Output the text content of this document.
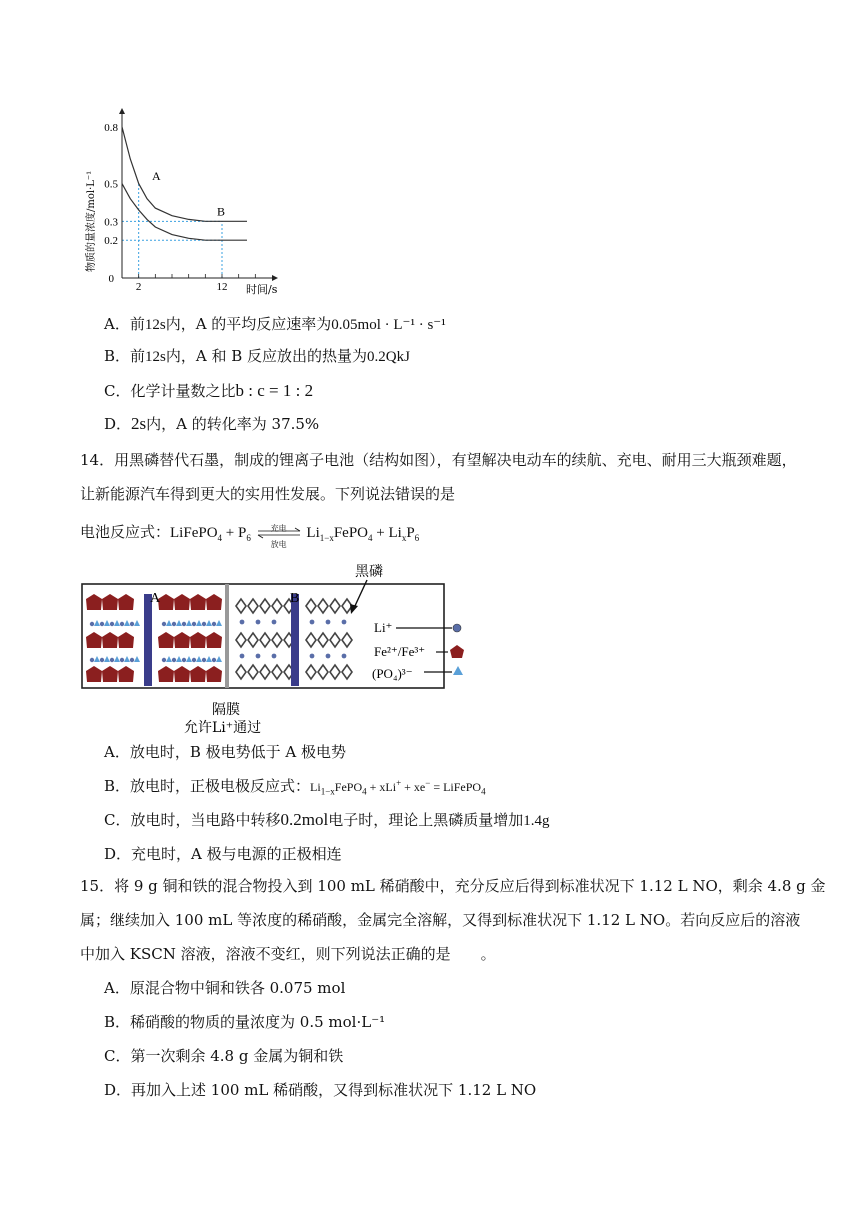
A
B
0.2
0.3
0.5
0.8
2	12
0
时间/s
物质的量浓度/mol·L⁻¹
A．前12s内，A 的平均反应速率为0.05mol · L⁻¹ · s⁻¹
B．前12s内，A 和 B 反应放出的热量为0.2QkJ
C．化学计量数之比b : c = 1 : 2
D．2s内，A 的转化率为 37.5%
14．用黑磷替代石墨，制成的锂离子电池（结构如图），有望解决电动车的续航、充电、耐用三大瓶颈难题，
让新能源汽车得到更大的实用性发展。下列说法错误的是
电池反应式：LiFePO$_4$ + $P_6$
充电
放电
$Li_{1-x}FePO_4 + Li_xP_6$
A	B
黑磷
Li⁺
Fe²⁺/Fe³⁺
(PO₄)³⁻
隔膜
允许Li⁺通过
A．放电时，B 极电势低于 A 极电势
B．放电时，正极电极反应式：$Li_{1-x}FePO_4 + xLi^+ + xe^-$ = LiFePO$_4$
C．放电时，当电路中转移0.2mol电子时，理论上黑磷质量增加1.4g
D．充电时，A 极与电源的正极相连
15．将 9 g 铜和铁的混合物投入到 100 mL 稀硝酸中，充分反应后得到标准状况下 1.12 L NO，剩余 4.8 g 金
属；继续加入 100 mL 等浓度的稀硝酸，金属完全溶解，又得到标准状况下 1.12 L NO。若向反应后的溶液
中加入 KSCN 溶液，溶液不变红，则下列说法正确的是　　。
A．原混合物中铜和铁各 0.075 mol
B．稀硝酸的物质的量浓度为 0.5 mol·L⁻¹
C．第一次剩余 4.8 g 金属为铜和铁
D．再加入上述 100 mL 稀硝酸，又得到标准状况下 1.12 L NO
